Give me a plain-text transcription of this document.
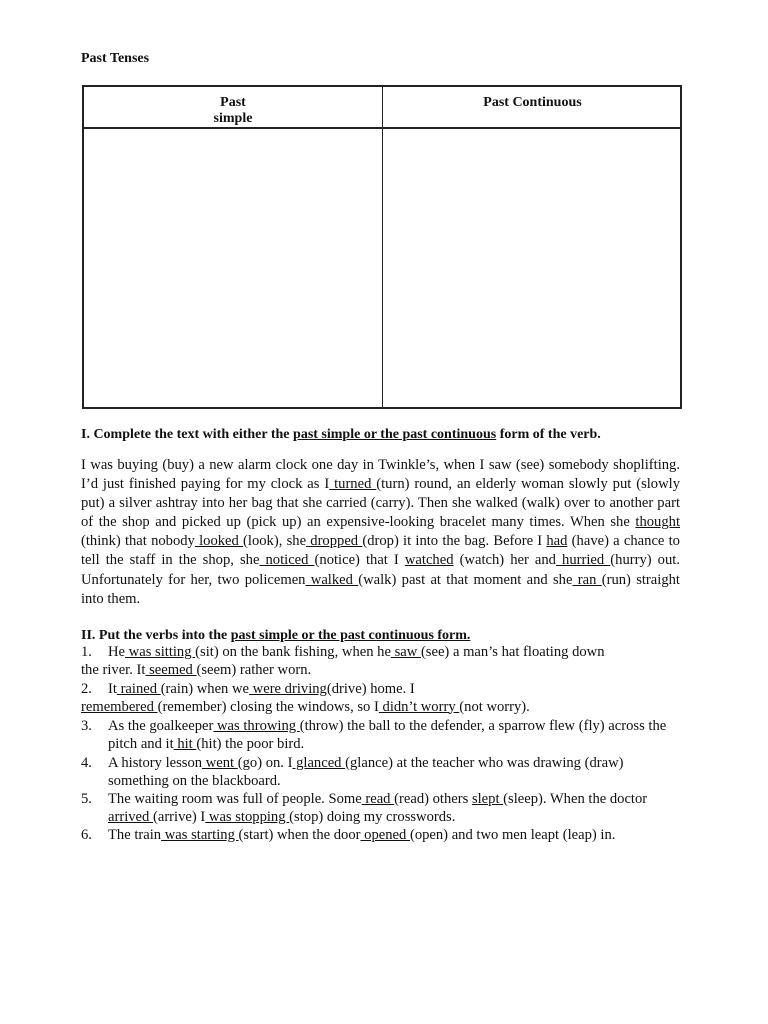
Past Tenses
Past
simple
Past Continuous
I. Complete the text with either the past simple or the past continuous form of the verb.
I was buying (buy) a new alarm clock one day in Twinkle’s, when I saw (see) somebody shoplifting. I’d just finished paying for my clock as I turned (turn) round, an elderly woman slowly put (slowly put) a silver ashtray into her bag that she carried (carry). Then she walked (walk) over to another part of the shop and picked up (pick up) an expensive-looking bracelet many times. When she thought (think) that nobody looked (look), she dropped (drop) it into the bag. Before I had (have) a chance to tell the staff in the shop, she noticed (notice) that I watched (watch) her and hurried (hurry) out. Unfortunately for her, two policemen walked (walk) past at that moment and she ran (run) straight into them.
II. Put the verbs into the past simple or the past continuous form.
1. He was sitting (sit) on the bank fishing, when he saw (see) a man’s hat floating down
the river. It seemed (seem) rather worn.
2. It rained (rain) when we were driving(drive) home. I
remembered (remember) closing the windows, so I didn’t worry (not worry).
3. As the goalkeeper was throwing (throw) the ball to the defender, a sparrow flew (fly) across the pitch and it hit (hit) the poor bird.
4. A history lesson went (go) on. I glanced (glance) at the teacher who was drawing (draw) something on the blackboard.
5. The waiting room was full of people. Some read (read) others slept (sleep). When the doctor arrived (arrive) I was stopping (stop) doing my crosswords.
6. The train was starting (start) when the door opened (open) and two men leapt (leap) in.
